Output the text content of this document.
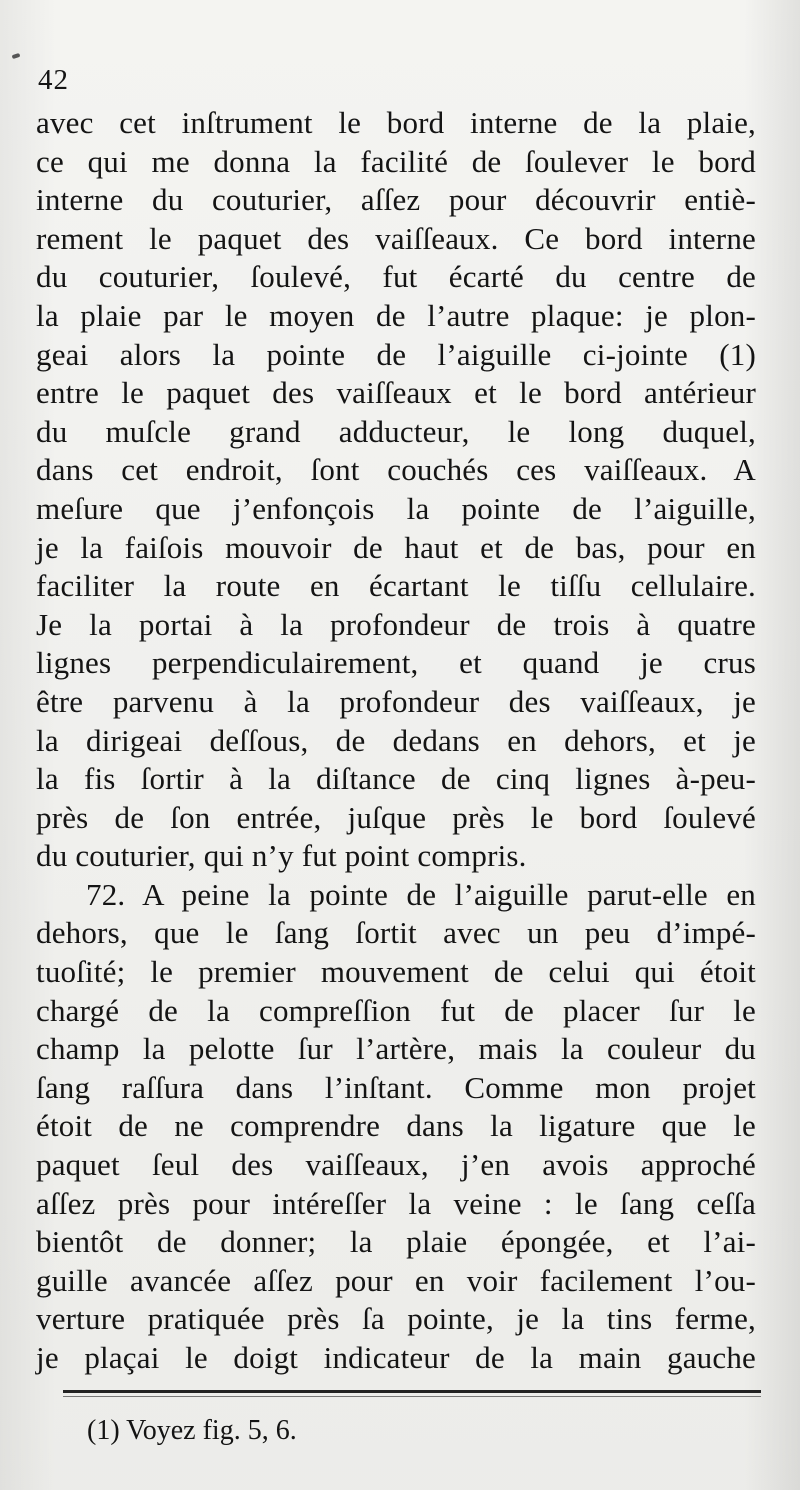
42
avec cet inſtrument le bord interne de la plaie,
ce qui me donna la facilité de ſoulever le bord
interne du couturier, aſſez pour découvrir entiè-
rement le paquet des vaiſſeaux. Ce bord interne
du couturier, ſoulevé, fut écarté du centre de
la plaie par le moyen de l’autre plaque: je plon-
geai alors la pointe de l’aiguille ci-jointe (1)
entre le paquet des vaiſſeaux et le bord antérieur
du muſcle grand adducteur, le long duquel,
dans cet endroit, ſont couchés ces vaiſſeaux. A
meſure que j’enfonçois la pointe de l’aiguille,
je la faiſois mouvoir de haut et de bas, pour en
faciliter la route en écartant le tiſſu cellulaire.
Je la portai à la profondeur de trois à quatre
lignes perpendiculairement, et quand je crus
être parvenu à la profondeur des vaiſſeaux, je
la dirigeai deſſous, de dedans en dehors, et je
la fis ſortir à la diſtance de cinq lignes à-peu-
près de ſon entrée, juſque près le bord ſoulevé
du couturier, qui n’y fut point compris.
72. A peine la pointe de l’aiguille parut-elle en
dehors, que le ſang ſortit avec un peu d’impé-
tuoſité; le premier mouvement de celui qui étoit
chargé de la compreſſion fut de placer ſur le
champ la pelotte ſur l’artère, mais la couleur du
ſang raſſura dans l’inſtant. Comme mon projet
étoit de ne comprendre dans la ligature que le
paquet ſeul des vaiſſeaux, j’en avois approché
aſſez près pour intéreſſer la veine : le ſang ceſſa
bientôt de donner; la plaie épongée, et l’ai-
guille avancée aſſez pour en voir facilement l’ou-
verture pratiquée près ſa pointe, je la tins ferme,
je plaçai le doigt indicateur de la main gauche
(1) Voyez fig. 5, 6.
